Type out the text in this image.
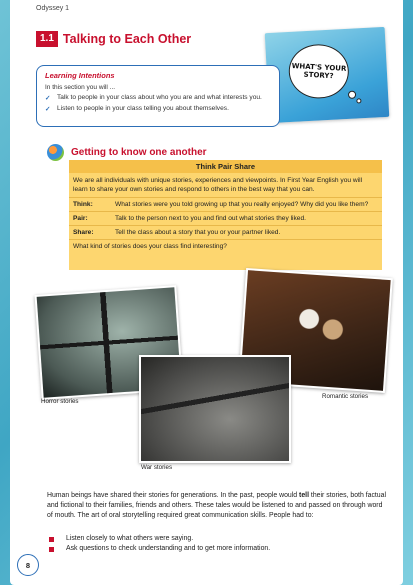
Odyssey 1
1.1 Talking to Each Other
WHAT'S YOUR STORY?
Learning Intentions
In this section you will ...
✓ Talk to people in your class about who you are and what interests you.
✓ Listen to people in your class telling you about themselves.
Getting to know one another
Think Pair Share
We are all individuals with unique stories, experiences and viewpoints. In First Year English you will learn to share your own stories and respond to others in the best way that you can.
Think:	What stories were you told growing up that you really enjoyed? Why did you like them?
Pair:	Talk to the person next to you and find out what stories they liked.
Share:	Tell the class about a story that you or your partner liked.
What kind of stories does your class find interesting?
Horror stories
War stories
Romantic stories

Human beings have shared their stories for generations. In the past, people would tell their stories, both factual and fictional to their families, friends and others. These tales would be listened to and passed on through word of mouth. The art of oral storytelling required great communication skills. People had to:

Listen closely to what others were saying.
Ask questions to check understanding and to get more information.
8
